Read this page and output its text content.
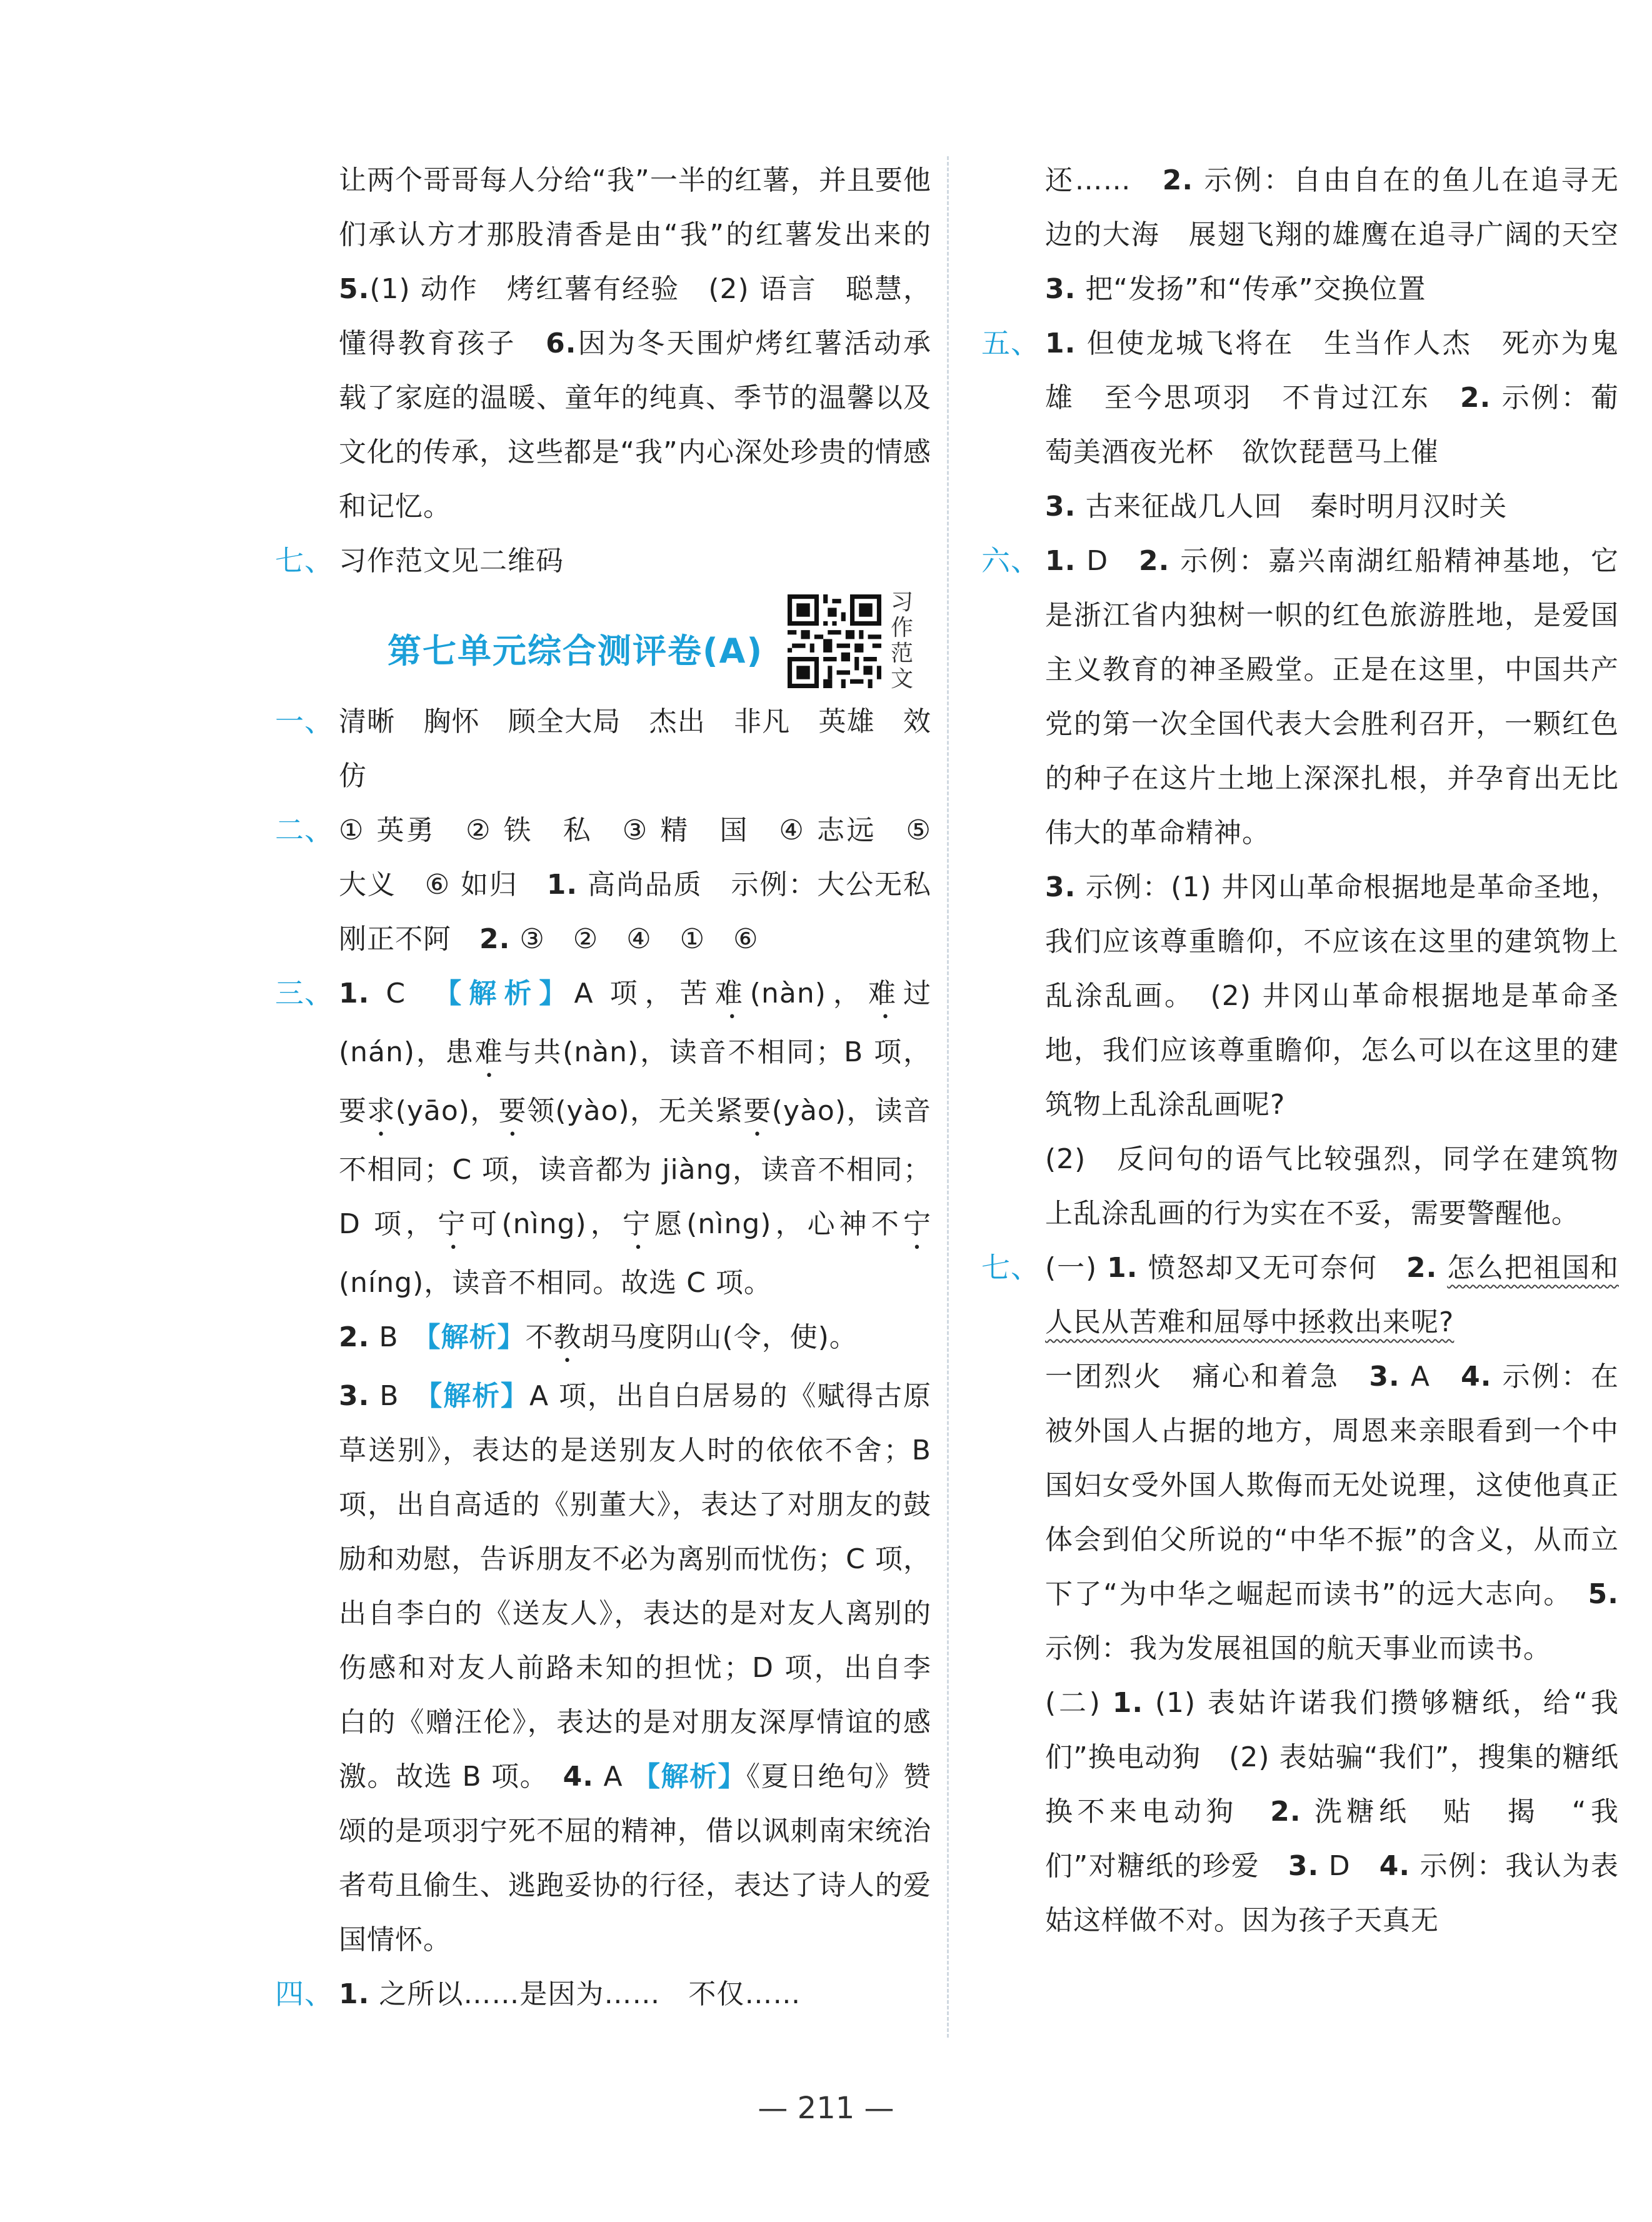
让两个哥哥每人分给“我”一半的红薯，并且要他们承认方才那股清香是由“我”的红薯发出来的　5.(1) 动作　烤红薯有经验　(2) 语言　聪慧，懂得教育孩子　 6.因为冬天围炉烤红薯活动承载了家庭的温暖、童年的纯真、季节的温馨以及文化的传承，这些都是“我”内心深处珍贵的情感和记忆。
七、 习作范文见二维码
第七单元综合测评卷(A)
习作范文
一、 清晰　胸怀　顾全大局　杰出　非凡　英雄　效仿
二、 ① 英勇　② 铁　私　③ 精　国　④ 志远　⑤ 大义　⑥ 如归　 1. 高尚品质　示例：大公无私　刚正不阿　 2. ③　②　④　①　⑥
三、 1. C　 【解析】A 项，苦难(nàn)，难过(nán)，患难与共(nàn)，读音不相同；B 项，要求(yāo)，要领(yào)，无关紧要(yào)，读音不相同；C 项，读音都为 jiàng，读音不相同；D 项，宁可(nìng)，宁愿(nìng)，心神不宁(níng)，读音不相同。故选 C 项。
2. B　 【解析】不教胡马度阴山(令，使)。
3. B　 【解析】A 项，出自白居易的《赋得古原草送别》，表达的是送别友人时的依依不舍；B 项，出自高适的《别董大》，表达了对朋友的鼓励和劝慰，告诉朋友不必为离别而忧伤；C 项，出自李白的《送友人》，表达的是对友人离别的伤感和对友人前路未知的担忧；D 项，出自李白的《赠汪伦》，表达的是对朋友深厚情谊的感激。故选 B 项。　 4. A 【解析】《夏日绝句》赞颂的是项羽宁死不屈的精神，借以讽刺南宋统治者苟且偷生、逃跑妥协的行径，表达了诗人的爱国情怀。
四、 1. 之所以……是因为……　不仅……
还……　 2. 示例：自由自在的鱼儿在追寻无边的大海　展翅飞翔的雄鹰在追寻广阔的天空　3. 把“发扬”和“传承”交换位置
五、 1. 但使龙城飞将在　生当作人杰　死亦为鬼雄　至今思项羽　不肯过江东　 2. 示例：葡萄美酒夜光杯　欲饮琵琶马上催
3. 古来征战几人回　秦时明月汉时关
六、 1. D　 2. 示例：嘉兴南湖红船精神基地，它是浙江省内独树一帜的红色旅游胜地，是爱国主义教育的神圣殿堂。正是在这里，中国共产党的第一次全国代表大会胜利召开，一颗红色的种子在这片土地上深深扎根，并孕育出无比伟大的革命精神。
3. 示例：(1) 井冈山革命根据地是革命圣地，我们应该尊重瞻仰，不应该在这里的建筑物上乱涂乱画。　(2) 井冈山革命根据地是革命圣地，我们应该尊重瞻仰，怎么可以在这里的建筑物上乱涂乱画呢?
(2)　反问句的语气比较强烈，同学在建筑物上乱涂乱画的行为实在不妥，需要警醒他。
七、 (一) 1. 愤怒却又无可奈何　 2. 怎么把祖国和人民从苦难和屈辱中拯救出来呢?
一团烈火　痛心和着急　 3. A　 4. 示例：在被外国人占据的地方，周恩来亲眼看到一个中国妇女受外国人欺侮而无处说理，这使他真正体会到伯父所说的“中华不振”的含义，从而立下了“为中华之崛起而读书”的远大志向。　 5. 示例：我为发展祖国的航天事业而读书。
(二) 1. (1) 表姑许诺我们攒够糖纸，给“我们”换电动狗　(2) 表姑骗“我们”，搜集的糖纸换不来电动狗　 2. 洗糖纸　贴　揭　“我们”对糖纸的珍爱　 3. D　 4. 示例：我认为表姑这样做不对。因为孩子天真无
— 211 —
